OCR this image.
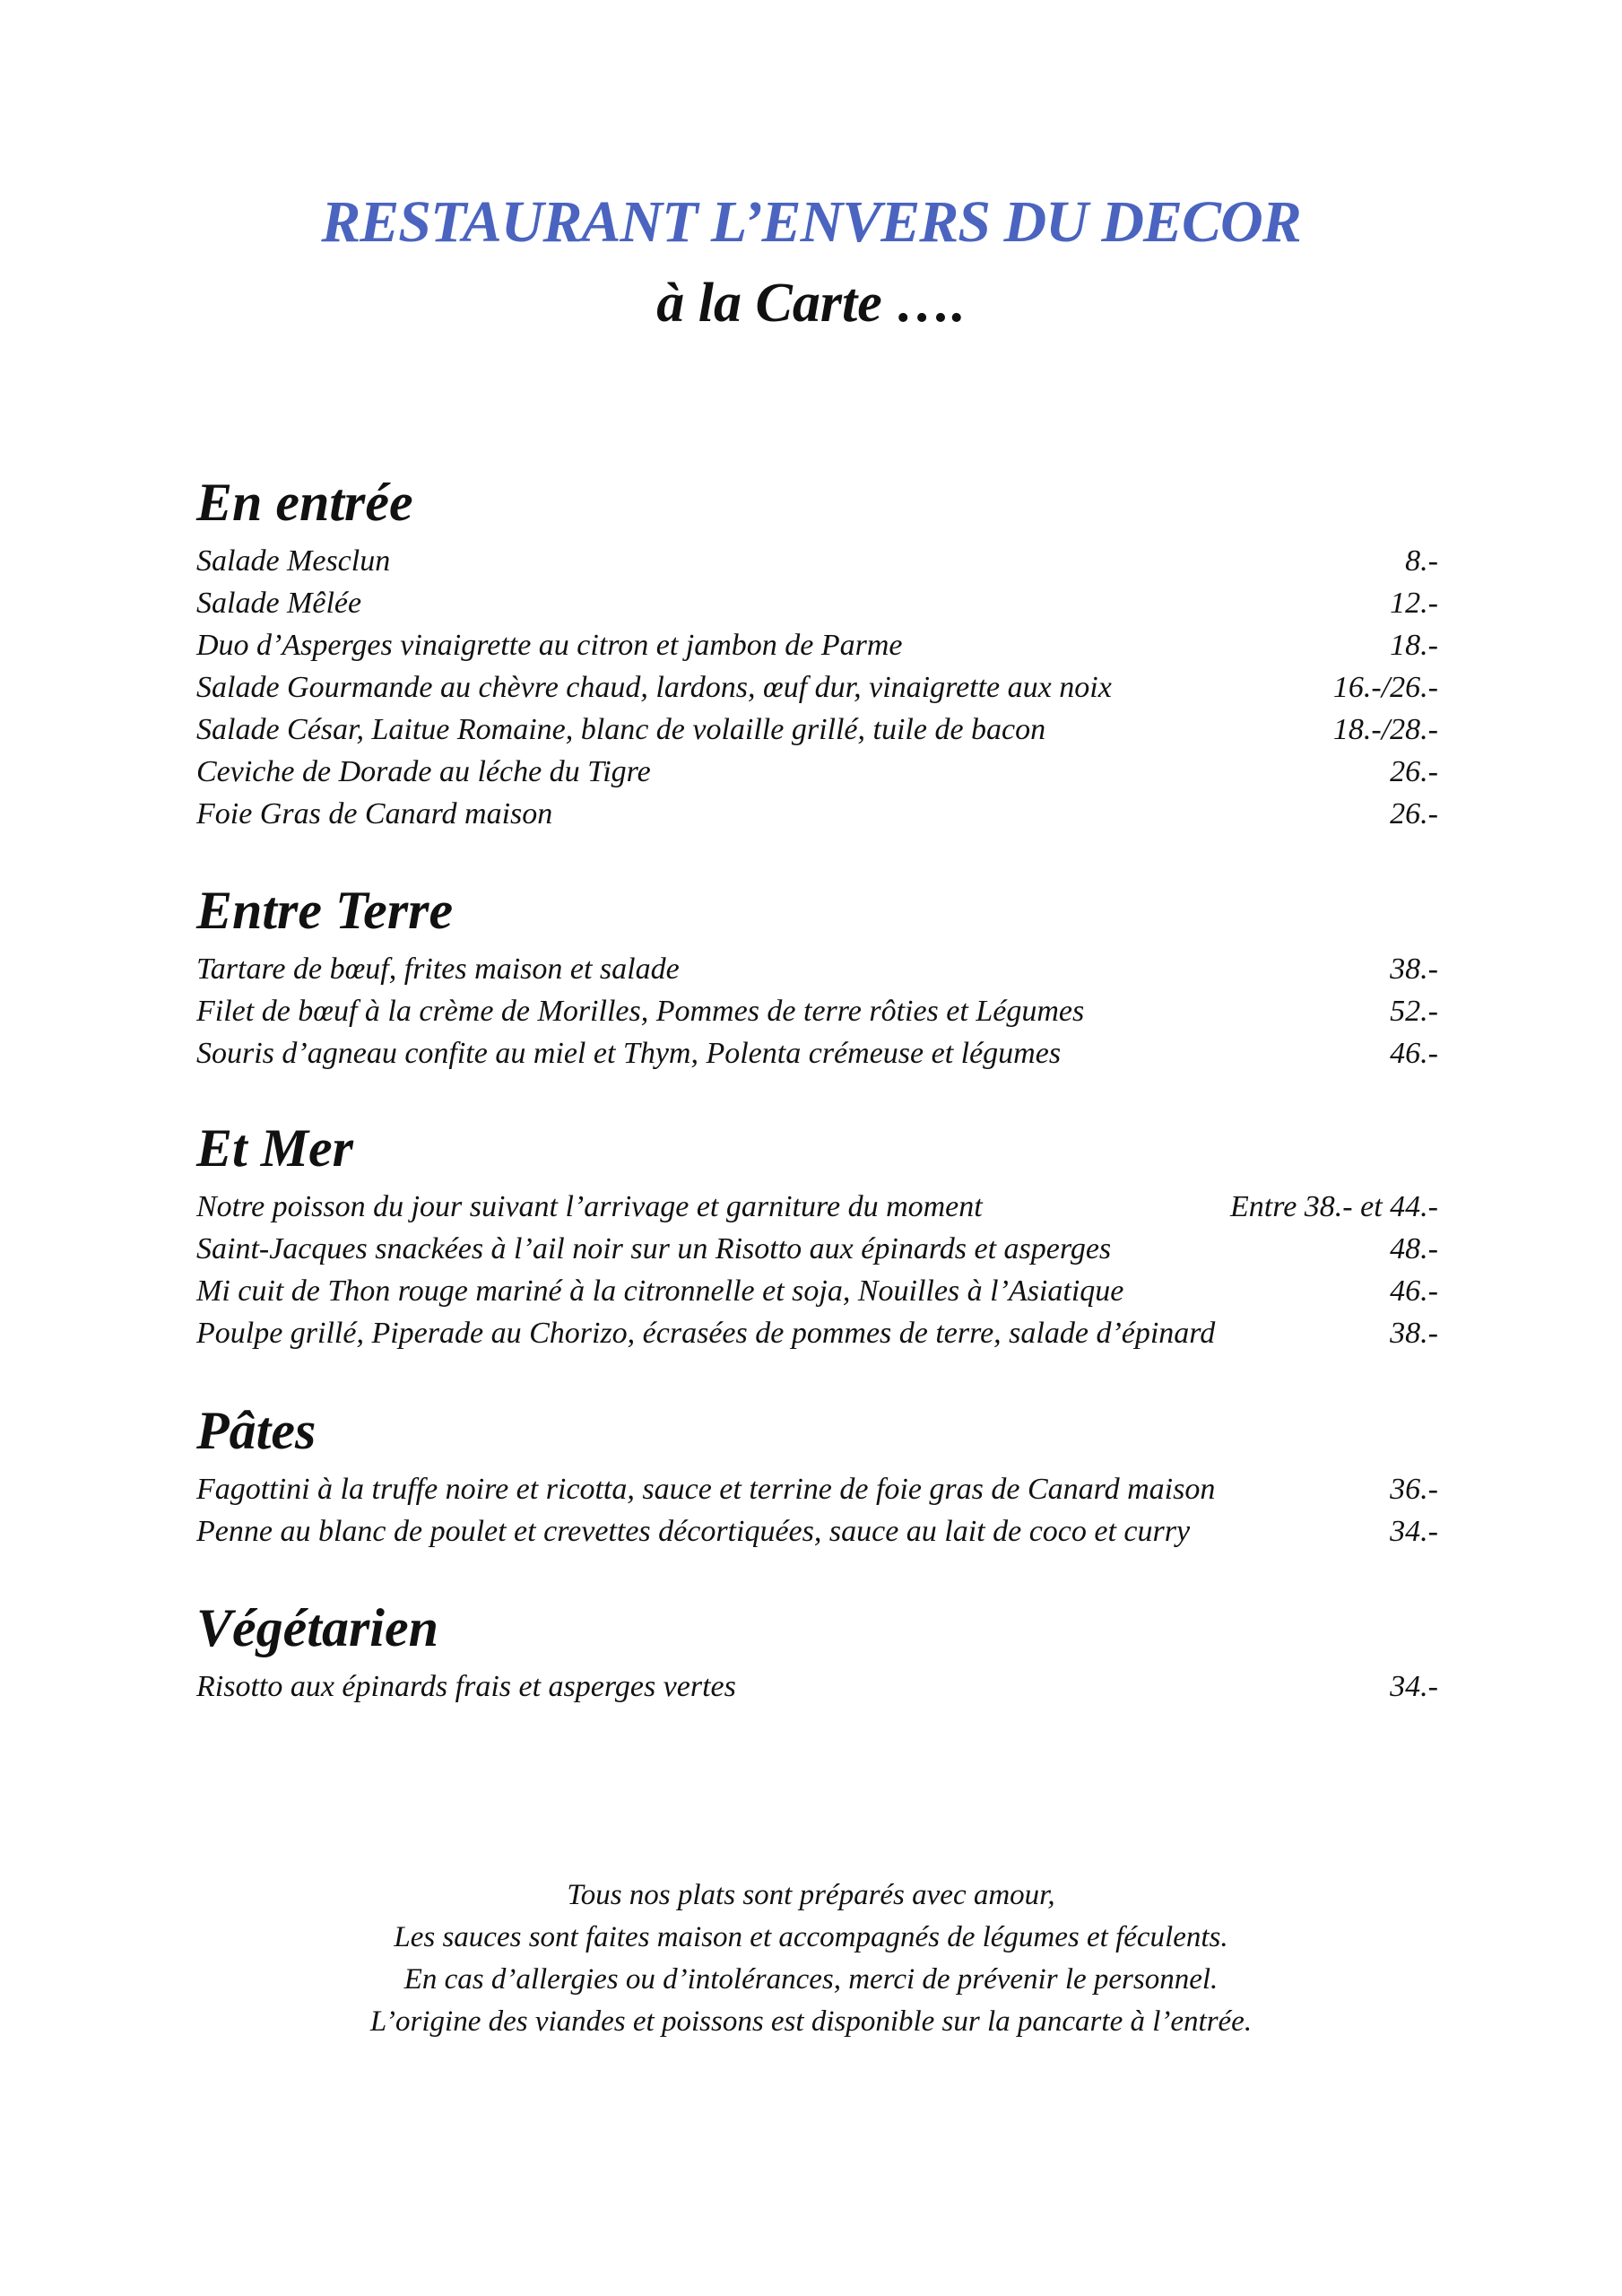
RESTAURANT L’ENVERS DU DECOR
à la Carte ….
En entrée
Salade Mesclun	8.-
Salade Mêlée	12.-
Duo d’Asperges vinaigrette au citron et jambon de Parme	18.-
Salade Gourmande au chèvre chaud, lardons, œuf dur, vinaigrette aux noix	16.-/26.-
Salade César, Laitue Romaine, blanc de volaille grillé, tuile de bacon	18.-/28.-
Ceviche de Dorade au léche du Tigre	26.-
Foie Gras de Canard maison	26.-
Entre Terre
Tartare de bœuf, frites maison et salade	38.-
Filet de bœuf à la crème de Morilles, Pommes de terre rôties et Légumes	52.-
Souris d’agneau confite au miel et Thym, Polenta crémeuse et légumes	46.-
Et Mer
Notre poisson du jour suivant l’arrivage et garniture du moment	Entre 38.- et 44.-
Saint-Jacques snackées à l’ail noir sur un Risotto aux épinards et asperges	48.-
Mi cuit de Thon rouge mariné à la citronnelle et soja, Nouilles à l’Asiatique	46.-
Poulpe grillé, Piperade au Chorizo, écrasées de pommes de terre, salade d’épinard	38.-
Pâtes
Fagottini à la truffe noire et ricotta, sauce et terrine de foie gras de Canard maison	36.-
Penne au blanc de poulet et crevettes décortiquées, sauce au lait de coco et curry	34.-
Végétarien
Risotto aux épinards frais et asperges vertes	34.-

Tous nos plats sont préparés avec amour,

Les sauces sont faites maison et accompagnés de légumes et féculents.

En cas d’allergies ou d’intolérances, merci de prévenir le personnel.

L’origine des viandes et poissons est disponible sur la pancarte à l’entrée.
